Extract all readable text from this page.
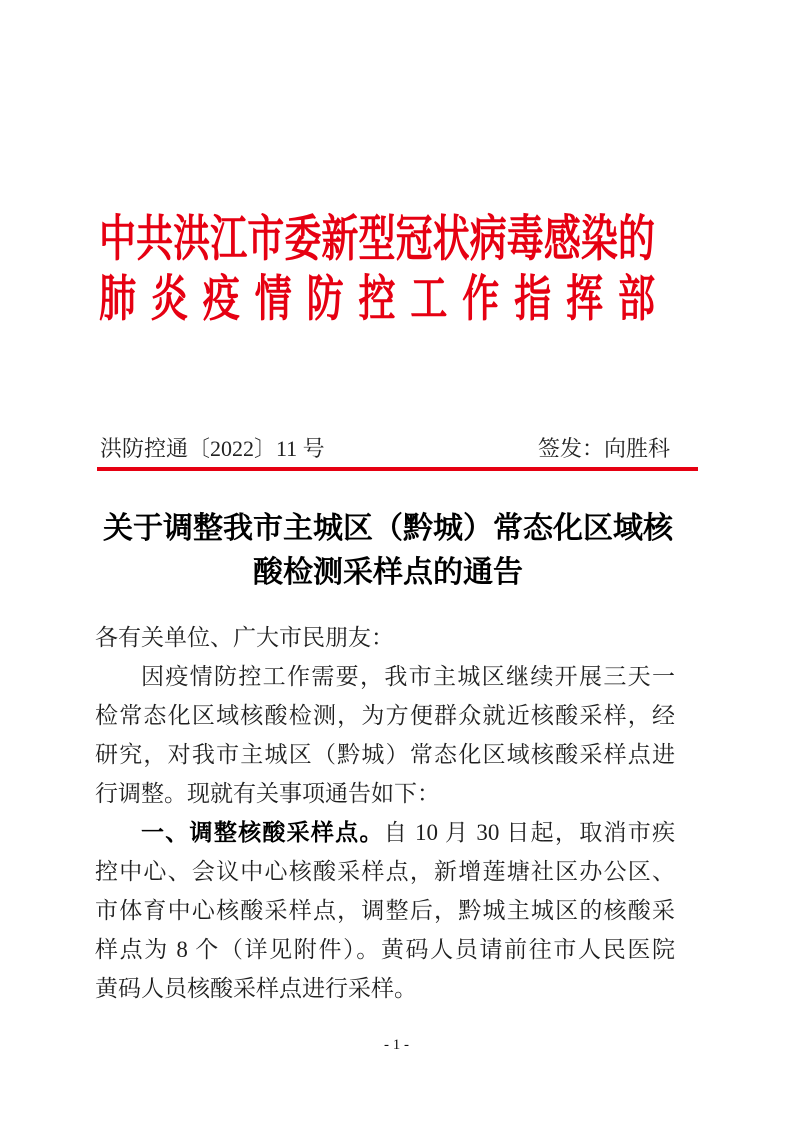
中共洪江市委新型冠状病毒感染的
肺炎疫情防控工作指挥部
洪防控通〔2022〕11 号	签发：向胜科
关于调整我市主城区（黔城）常态化区域核
酸检测采样点的通告
各有关单位、广大市民朋友：
因疫情防控工作需要，我市主城区继续开展三天一
检常态化区域核酸检测，为方便群众就近核酸采样，经
研究，对我市主城区（黔城）常态化区域核酸采样点进
行调整。现就有关事项通告如下：
一、调整核酸采样点。自 10 月 30 日起，取消市疾
控中心、会议中心核酸采样点，新增莲塘社区办公区、
市体育中心核酸采样点，调整后，黔城主城区的核酸采
样点为 8 个（详见附件）。黄码人员请前往市人民医院
黄码人员核酸采样点进行采样。
- 1 -
